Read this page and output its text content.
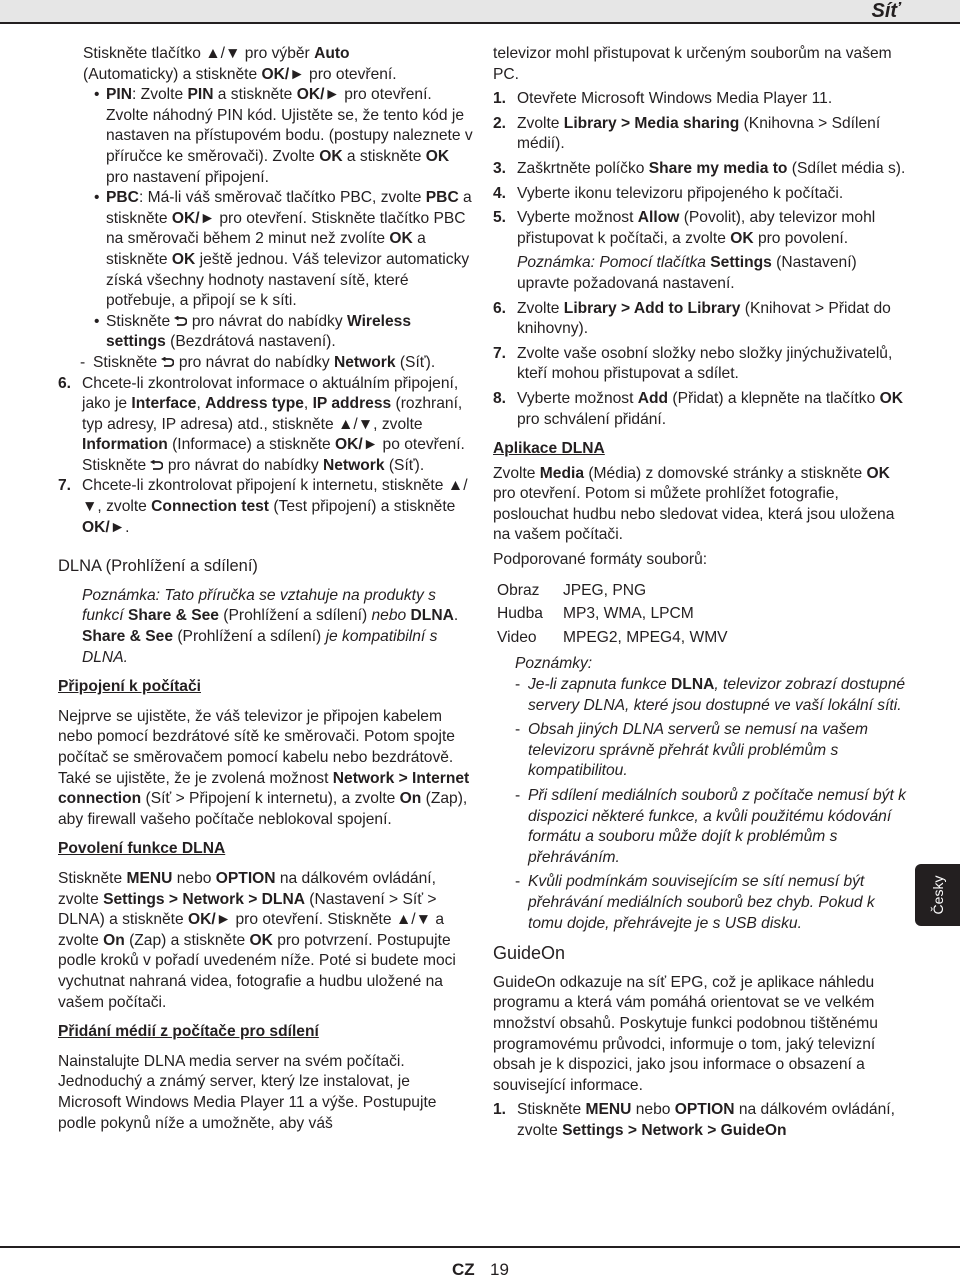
Síť

Stiskněte tlačítko ▲/▼ pro výběr Auto
(Automaticky) a stiskněte OK/► pro otevření.

• PIN: Zvolte PIN a stiskněte OK/► pro otevření. Zvolte náhodný PIN kód. Ujistěte se, že tento kód je nastaven na přístupovém bodu. (postupy naleznete v příručce ke směrovači). Zvolte OK a stiskněte OK pro nastavení připojení.

• PBC: Má-li váš směrovač tlačítko PBC, zvolte PBC a stiskněte OK/► pro otevření. Stiskněte tlačítko PBC na směrovači během 2 minut než zvolíte OK a stiskněte OK ještě jednou. Váš televizor automaticky získá všechny hodnoty nastavení sítě, které potřebuje, a připojí se k síti.

• Stiskněte  pro návrat do nabídky Wireless settings (Bezdrátová nastavení).

- Stiskněte  pro návrat do nabídky Network (Síť).

6. Chcete-li zkontrolovat informace o aktuálním připojení, jako je Interface, Address type, IP address (rozhraní, typ adresy, IP adresa) atd., stiskněte ▲/▼, zvolte Information (Informace) a stiskněte OK/► po otevření. Stiskněte  pro návrat do nabídky Network (Síť).

7. Chcete-li zkontrolovat připojení k internetu, stiskněte ▲/▼, zvolte Connection test (Test připojení) a stiskněte OK/►.

DLNA (Prohlížení a sdílení)

Poznámka: Tato příručka se vztahuje na produkty s funkcí Share & See (Prohlížení a sdílení) nebo DLNA. Share & See (Prohlížení a sdílení) je kompatibilní s DLNA.

Připojení k počítači

Nejprve se ujistěte, že váš televizor je připojen kabelem nebo pomocí bezdrátové sítě ke směrovači. Potom spojte počítač se směrovačem pomocí kabelu nebo bezdrátově. Také se ujistěte, že je zvolená možnost Network > Internet connection (Síť > Připojení k internetu), a zvolte On (Zap), aby firewall vašeho počítače neblokoval spojení.

Povolení funkce DLNA

Stiskněte MENU nebo OPTION na dálkovém ovládání, zvolte Settings > Network > DLNA (Nastavení > Síť > DLNA) a stiskněte OK/► pro otevření. Stiskněte ▲/▼ a zvolte On (Zap) a stiskněte OK pro potvrzení. Postupujte podle kroků v pořadí uvedeném níže. Poté si budete moci vychutnat nahraná videa, fotografie a hudbu uložené na vašem počítači.

Přidání médií z počítače pro sdílení

Nainstalujte DLNA media server na svém počítači. Jednoduchý a známý server, který lze instalovat, je Microsoft Windows Media Player 11 a výše. Postupujte podle pokynů níže a umožněte, aby váš

televizor mohl přistupovat k určeným souborům na vašem PC.

1. Otevřete Microsoft Windows Media Player 11.

2. Zvolte Library > Media sharing (Knihovna > Sdílení médií).

3. Zaškrtněte políčko Share my media to (Sdílet média s).

4. Vyberte ikonu televizoru připojeného k počítači.

5. Vyberte možnost Allow (Povolit), aby televizor mohl přistupovat k počítači, a zvolte OK pro povolení.

Poznámka: Pomocí tlačítka Settings (Nastavení) upravte požadovaná nastavení.

6. Zvolte Library > Add to Library (Knihovat > Přidat do knihovny).

7. Zvolte vaše osobní složky nebo složky jinýchuživatelů, kteří mohou přistupovat a sdílet.

8. Vyberte možnost Add (Přidat) a klepněte na tlačítko OK pro schválení přidání.

Aplikace DLNA

Zvolte Media (Média) z domovské stránky a stiskněte OK pro otevření. Potom si můžete prohlížet fotografie, poslouchat hudbu nebo sledovat videa, která jsou uložena na vašem počítači.

Podporované formáty souborů:

Obraz	JPEG, PNG
Hudba	MP3, WMA, LPCM
Video	MPEG2, MPEG4, WMV

Poznámky:

- Je-li zapnuta funkce DLNA, televizor zobrazí dostupné servery DLNA, které jsou dostupné ve vaší lokální síti.

- Obsah jiných DLNA serverů se nemusí na vašem televizoru správně přehrát kvůli problémům s kompatibilitou.

- Při sdílení mediálních souborů z počítače nemusí být k dispozici některé funkce, a kvůli použitému kódování formátu a souboru může dojít k problémům s přehráváním.

- Kvůli podmínkám souvisejícím se sítí nemusí být přehrávání mediálních souborů bez chyb. Pokud k tomu dojde, přehrávejte je s USB disku.

GuideOn

GuideOn odkazuje na síť EPG, což je aplikace náhledu programu a která vám pomáhá orientovat se ve velkém množství obsahů. Poskytuje funkci podobnou tištěnému programovému průvodci, informuje o tom, jaký televizní obsah je k dispozici, jako jsou informace o obsazení a související informace.

1. Stiskněte MENU nebo OPTION na dálkovém ovládání, zvolte Settings > Network > GuideOn

Česky
CZ 19
